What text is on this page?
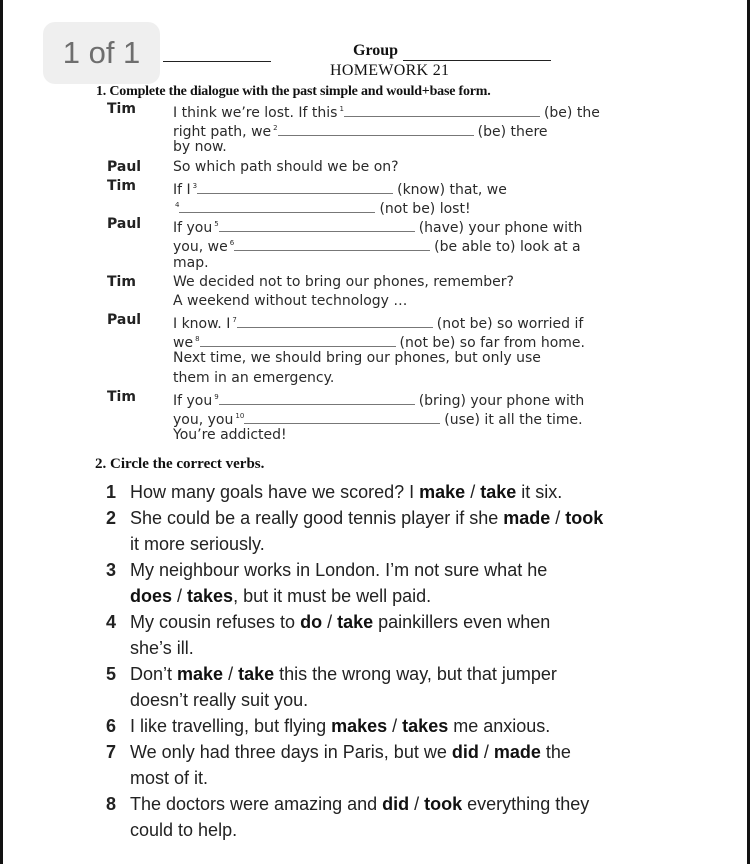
1 of 1	Group
HOMEWORK 21
1. Complete the dialogue with the past simple and would+base form.
Tim	I think we’re lost. If this $^1$	(be) the
right path, we $^2$	(be) there
by now.
Paul So which path should we be on?
Tim	If I $^3$	(know) that, we
$^4$	(not be) lost!
Paul If you $^5$	(have) your phone with
you, we $^6$	(be able to) look at a
map.
Tim	We decided not to bring our phones, remember?
A weekend without technology …
Paul I know. I $^7$	(not be) so worried if
we $^8$	(not be) so far from home.
Next time, we should bring our phones, but only use
them in an emergency.
Tim	If you $^9$	(bring) your phone with
you, you $^{10}$	(use) it all the time.
You’re addicted!
2. Circle the correct verbs.
1 How many goals have we scored? I make / take it six.
2 She could be a really good tennis player if she made / took
it more seriously.
3 My neighbour works in London. I’m not sure what he
does / takes, but it must be well paid.
4 My cousin refuses to do / take painkillers even when
she’s ill.
5 Don’t make / take this the wrong way, but that jumper
doesn’t really suit you.
6 I like travelling, but flying makes / takes me anxious.
7 We only had three days in Paris, but we did / made the
most of it.
8 The doctors were amazing and did / took everything they
could to help.
